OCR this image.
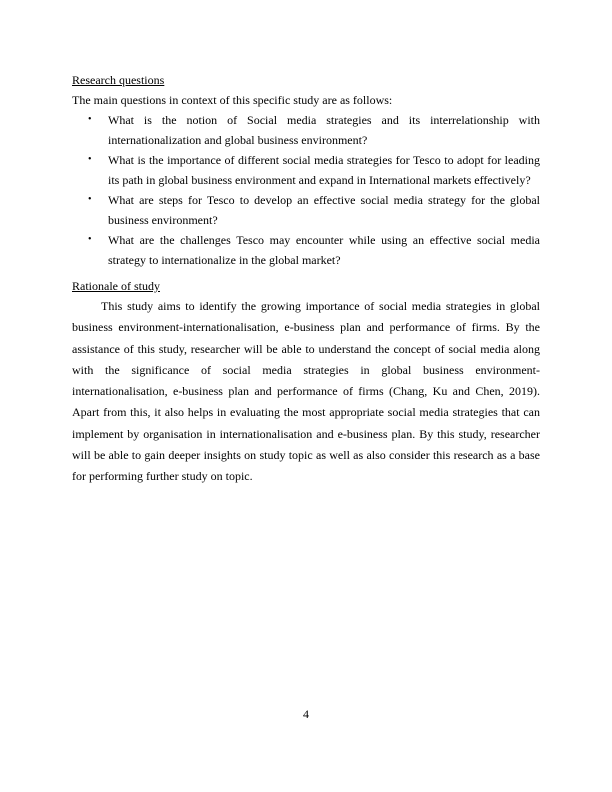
Research questions

The main questions in context of this specific study are as follows:

• What is the notion of Social media strategies and its interrelationship with internationalization and global business environment?
• What is the importance of different social media strategies for Tesco to adopt for leading its path in global business environment and expand in International markets effectively?
• What are steps for Tesco to develop an effective social media strategy for the global business environment?
• What are the challenges Tesco may encounter while using an effective social media strategy to internationalize in the global market?

Rationale of study

This study aims to identify the growing importance of social media strategies in global business environment-internationalisation, e-business plan and performance of firms. By the assistance of this study, researcher will be able to understand the concept of social media along with the significance of social media strategies in global business environment-internationalisation, e-business plan and performance of firms (Chang, Ku and Chen, 2019). Apart from this, it also helps in evaluating the most appropriate social media strategies that can implement by organisation in internationalisation and e-business plan. By this study, researcher will be able to gain deeper insights on study topic as well as also consider this research as a base for performing further study on topic.

4
